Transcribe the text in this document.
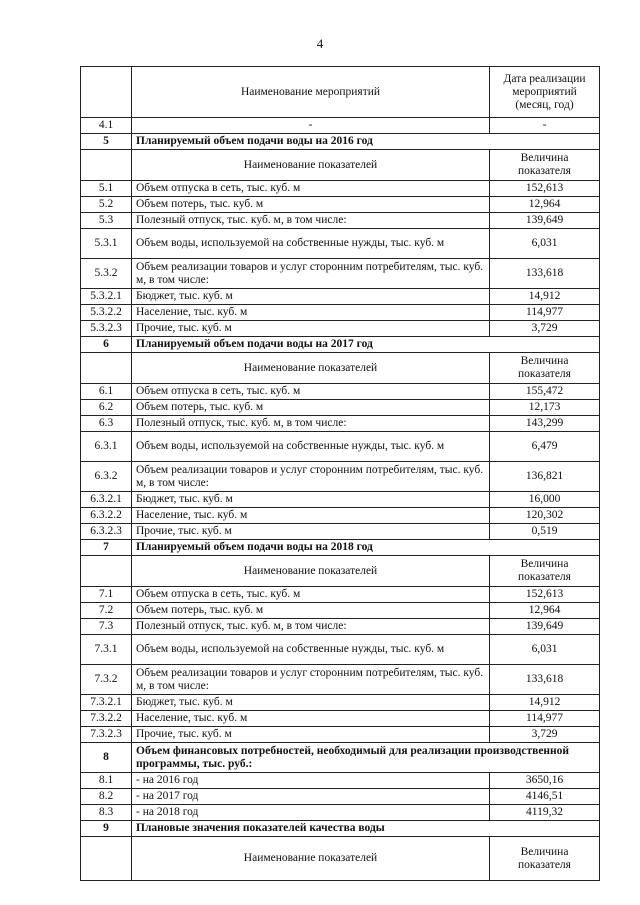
4
	Наименование мероприятий	Дата реализации мероприятий (месяц, год)
4.1	-	-
5	Планируемый объем подачи воды на 2016 год	
	Наименование показателей	Величина показателя
5.1	Объем отпуска в сеть, тыс. куб. м	152,613
5.2	Объем потерь, тыс. куб. м	12,964
5.3	Полезный отпуск, тыс. куб. м, в том числе:	139,649
5.3.1	Объем воды, используемой на собственные нужды, тыс. куб. м	6,031
5.3.2	Объем реализации товаров и услуг сторонним потребителям, тыс. куб. м, в том числе:	133,618
5.3.2.1	Бюджет, тыс. куб. м	14,912
5.3.2.2	Население, тыс. куб. м	114,977
5.3.2.3	Прочие, тыс. куб. м	3,729
6	Планируемый объем подачи воды на 2017 год	
	Наименование показателей	Величина показателя
6.1	Объем отпуска в сеть, тыс. куб. м	155,472
6.2	Объем потерь, тыс. куб. м	12,173
6.3	Полезный отпуск, тыс. куб. м, в том числе:	143,299
6.3.1	Объем воды, используемой на собственные нужды, тыс. куб. м	6,479
6.3.2	Объем реализации товаров и услуг сторонним потребителям, тыс. куб. м, в том числе:	136,821
6.3.2.1	Бюджет, тыс. куб. м	16,000
6.3.2.2	Население, тыс. куб. м	120,302
6.3.2.3	Прочие, тыс. куб. м	0,519
7	Планируемый объем подачи воды на 2018 год	
	Наименование показателей	Величина показателя
7.1	Объем отпуска в сеть, тыс. куб. м	152,613
7.2	Объем потерь, тыс. куб. м	12,964
7.3	Полезный отпуск, тыс. куб. м, в том числе:	139,649
7.3.1	Объем воды, используемой на собственные нужды, тыс. куб. м	6,031
7.3.2	Объем реализации товаров и услуг сторонним потребителям, тыс. куб. м, в том числе:	133,618
7.3.2.1	Бюджет, тыс. куб. м	14,912
7.3.2.2	Население, тыс. куб. м	114,977
7.3.2.3	Прочие, тыс. куб. м	3,729
8	Объем финансовых потребностей, необходимый для реализации производственной программы, тыс. руб.:	
8.1	- на 2016 год	3650,16
8.2	- на 2017 год	4146,51
8.3	- на 2018 год	4119,32
9	Плановые значения показателей качества воды	
	Наименование показателей	Величина показателя
